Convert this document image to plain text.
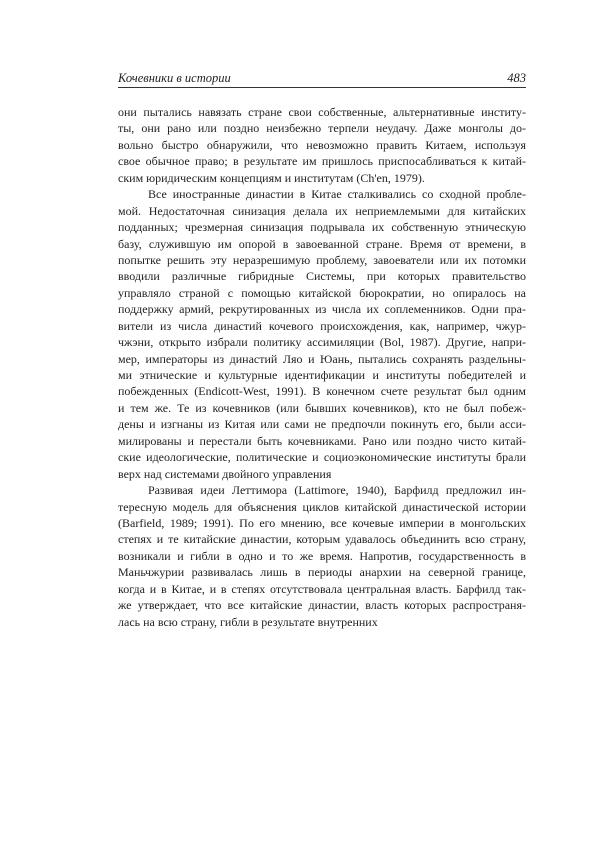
Кочевники в истории	483
они пытались навязать стране свои собственные, альтернативные институ-
ты, они рано или поздно неизбежно терпели неудачу. Даже монголы до-
вольно быстро обнаружили, что невозможно править Китаем, используя
свое обычное право; в результате им пришлось приспосабливаться к китай-
ским юридическим концепциям и институтам (Ch'en, 1979).
Все иностранные династии в Китае сталкивались со сходной пробле-
мой. Недостаточная синизация делала их неприемлемыми для китайских
подданных; чрезмерная синизация подрывала их собственную этническую
базу, служившую им опорой в завоеванной стране. Время от времени, в
попытке решить эту неразрешимую проблему, завоеватели или их потомки
вводили различные гибридные Системы, при которых правительство
управляло страной с помощью китайской бюрократии, но опиралось на
поддержку армий, рекрутированных из числа их соплеменников. Одни пра-
вители из числа династий кочевого происхождения, как, например, чжур-
чжэни, открыто избрали политику ассимиляции (Bol, 1987). Другие, напри-
мер, императоры из династий Ляо и Юань, пытались сохранять раздельны-
ми этнические и культурные идентификации и институты победителей и
побежденных (Endicott-West, 1991). В конечном счете результат был одним
и тем же. Те из кочевников (или бывших кочевников), кто не был побеж-
дены и изгнаны из Китая или сами не предпочли покинуть его, были асси-
милированы и перестали быть кочевниками. Рано или поздно чисто китай-
ские идеологические, политические и социоэкономические институты брали
верх над системами двойного управления
Развивая идеи Леттимора (Lattimore, 1940), Барфилд предложил ин-
тересную модель для объяснения циклов китайской династической истории
(Barfield, 1989; 1991). По его мнению, все кочевые империи в монгольских
степях и те китайские династии, которым удавалось объединить всю страну,
возникали и гибли в одно и то же время. Напротив, государственность в
Маньчжурии развивалась лишь в периоды анархии на северной границе,
когда и в Китае, и в степях отсутствовала центральная власть. Барфилд так-
же утверждает, что все китайские династии, власть которых распространя-
лась на всю страну, гибли в результате внутренних
